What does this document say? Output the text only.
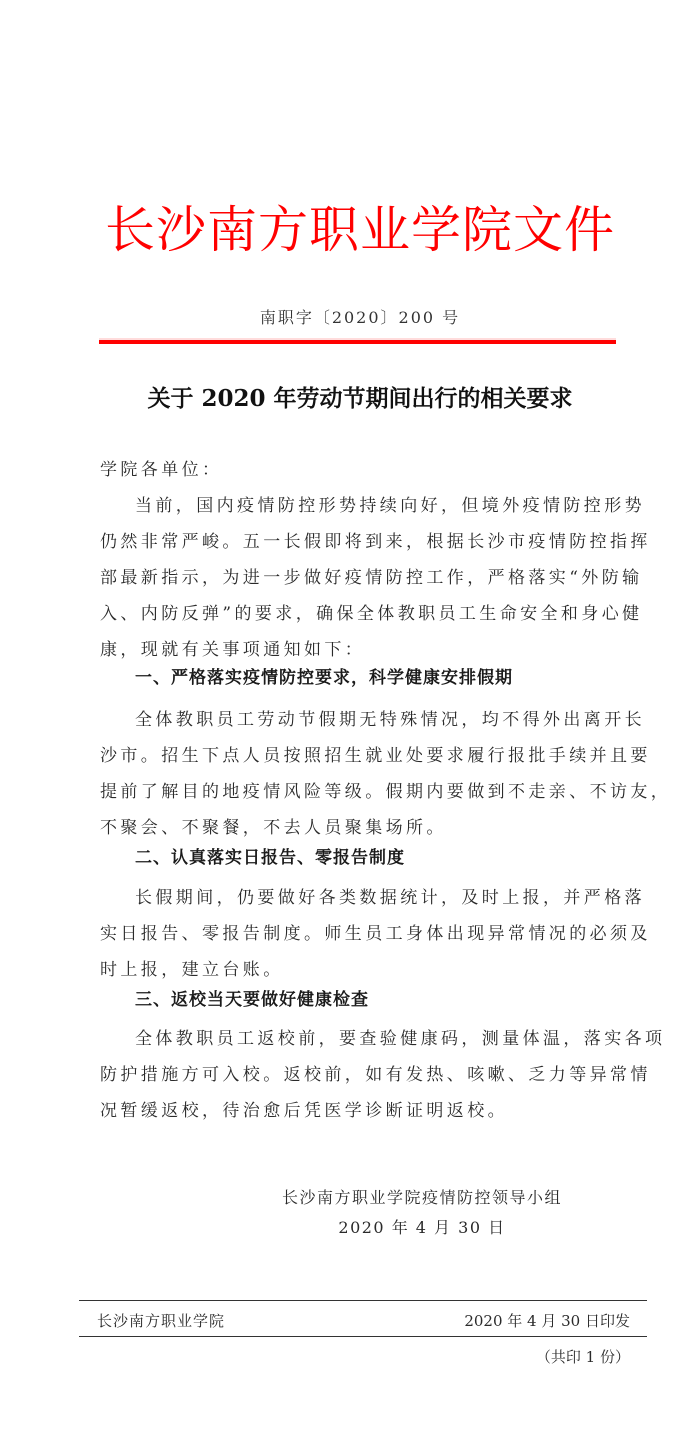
长沙南方职业学院文件
南职字〔2020〕200 号
关于 2020 年劳动节期间出行的相关要求
学院各单位：
当前，国内疫情防控形势持续向好，但境外疫情防控形势
仍然非常严峻。五一长假即将到来，根据长沙市疫情防控指挥
部最新指示，为进一步做好疫情防控工作，严格落实“外防输
入、内防反弹”的要求，确保全体教职员工生命安全和身心健
康，现就有关事项通知如下：
一、严格落实疫情防控要求，科学健康安排假期
全体教职员工劳动节假期无特殊情况，均不得外出离开长
沙市。招生下点人员按照招生就业处要求履行报批手续并且要
提前了解目的地疫情风险等级。假期内要做到不走亲、不访友，
不聚会、不聚餐，不去人员聚集场所。
二、认真落实日报告、零报告制度
长假期间，仍要做好各类数据统计，及时上报，并严格落
实日报告、零报告制度。师生员工身体出现异常情况的必须及
时上报，建立台账。
三、返校当天要做好健康检查
全体教职员工返校前，要查验健康码，测量体温，落实各项
防护措施方可入校。返校前，如有发热、咳嗽、乏力等异常情
况暂缓返校，待治愈后凭医学诊断证明返校。
长沙南方职业学院疫情防控领导小组
2020 年 4 月 30 日
长沙南方职业学院	2020 年 4 月 30 日印发
（共印 1 份）
